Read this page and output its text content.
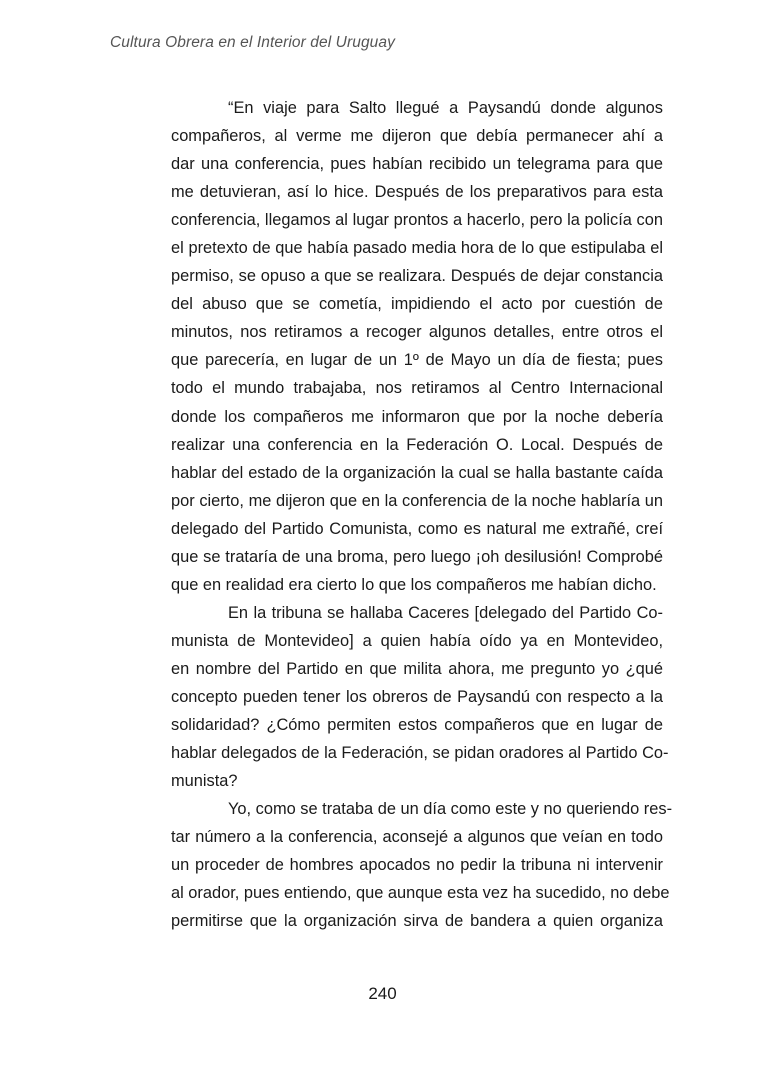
Cultura Obrera en el Interior del Uruguay
“En viaje para Salto llegué a Paysandú donde algunos
compañeros, al verme me dijeron que debía permanecer ahí a
dar una conferencia, pues habían recibido un telegrama para que
me detuvieran, así lo hice. Después de los preparativos para esta
conferencia, llegamos al lugar prontos a hacerlo, pero la policía con
el pretexto de que había pasado media hora de lo que estipulaba el
permiso, se opuso a que se realizara. Después de dejar constancia
del abuso que se cometía, impidiendo el acto por cuestión de
minutos, nos retiramos a recoger algunos detalles, entre otros el
que parecería, en lugar de un 1º de Mayo un día de fiesta; pues
todo el mundo trabajaba, nos retiramos al Centro Internacional
donde los compañeros me informaron que por la noche debería
realizar una conferencia en la Federación O. Local. Después de
hablar del estado de la organización la cual se halla bastante caída
por cierto, me dijeron que en la conferencia de la noche hablaría un
delegado del Partido Comunista, como es natural me extrañé, creí
que se trataría de una broma, pero luego ¡oh desilusión! Comprobé
que en realidad era cierto lo que los compañeros me habían dicho.
En la tribuna se hallaba Caceres [delegado del Partido Co-
munista de Montevideo] a quien había oído ya en Montevideo,
en nombre del Partido en que milita ahora, me pregunto yo ¿qué
concepto pueden tener los obreros de Paysandú con respecto a la
solidaridad? ¿Cómo permiten estos compañeros que en lugar de
hablar delegados de la Federación, se pidan oradores al Partido Co-
munista?
Yo, como se trataba de un día como este y no queriendo res-
tar número a la conferencia, aconsejé a algunos que veían en todo
un proceder de hombres apocados no pedir la tribuna ni intervenir
al orador, pues entiendo, que aunque esta vez ha sucedido, no debe
permitirse que la organización sirva de bandera a quien organiza
240
